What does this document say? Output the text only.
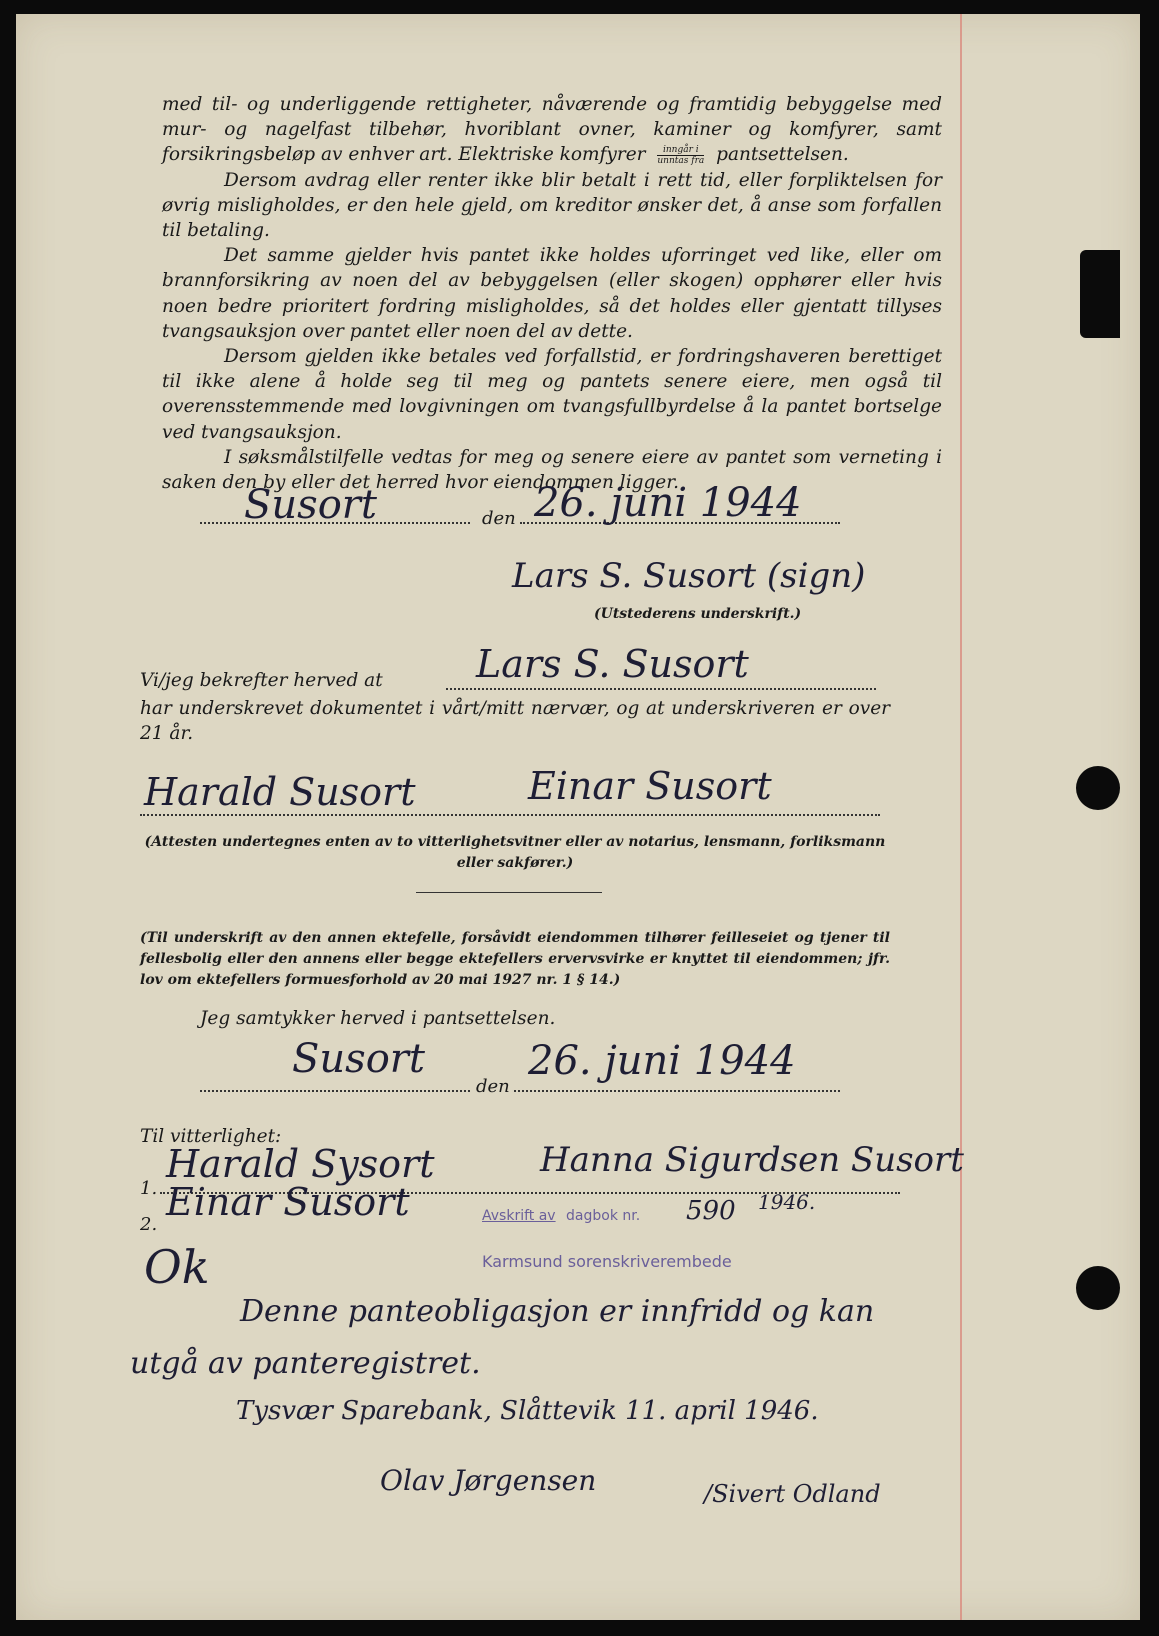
med til- og underliggende rettigheter, nåværende og framtidig bebyggelse med mur- og nagelfast tilbehør, hvoriblant ovner, kaminer og komfyrer, samt forsikringsbeløp av enhver art. Elektriske komfyrer $\frac{\text{inngår i}}{\text{unntas fra}}$ pantsettelsen.

Dersom avdrag eller renter ikke blir betalt i rett tid, eller forpliktelsen for øvrig misligholdes, er den hele gjeld, om kreditor ønsker det, å anse som forfallen til betaling.

Det samme gjelder hvis pantet ikke holdes uforringet ved like, eller om brannforsikring av noen del av bebyggelsen (eller skogen) opphører eller hvis noen bedre prioritert fordring misligholdes, så det holdes eller gjentatt tillyses tvangsauksjon over pantet eller noen del av dette.

Dersom gjelden ikke betales ved forfallstid, er fordringshaveren berettiget til ikke alene å holde seg til meg og pantets senere eiere, men også til overensstemmende med lovgivningen om tvangsfullbyrdelse å la pantet bortselge ved tvangsauksjon.

I søksmålstilfelle vedtas for meg og senere eiere av pantet som verneting i saken den by eller det herred hvor eiendommen ligger.

Susort	den 26. juni 1944
Lars S. Susort (sign)
(Utstederens underskrift.)
Lars S. Susort
Vi/jeg bekrefter herved at
har underskrevet dokumentet i vårt/mitt nærvær, og at underskriveren er over 21 år.
Harald Susort	Einar Susort
(Attesten undertegnes enten av to vitterlighetsvitner eller av notarius, lensmann, forliksmann eller sakfører.)
(Til underskrift av den annen ektefelle, forsåvidt eiendommen tilhører feilleseiet og tjener til fellesbolig eller den annens eller begge ektefellers ervervsvirke er knyttet til eiendommen; jfr. lov om ektefellers formuesforhold av 20 mai 1927 nr. 1 § 14.)
Jeg samtykker herved i pantsettelsen.
Susort
den
26. juni 1944
Til vitterlighet:
1.
Harald Sysort	Hanna Sigurdsen Susort
2.
Einar Susort	Avskrift av dagbok nr. 590 1946.
Karmsund sorenskriverembede
Ok
Denne panteobligasjon er innfridd og kan
utgå av panteregistret.
Tysvær Sparebank, Slåttevik 11. april 1946.
Olav Jørgensen	/Sivert Odland
